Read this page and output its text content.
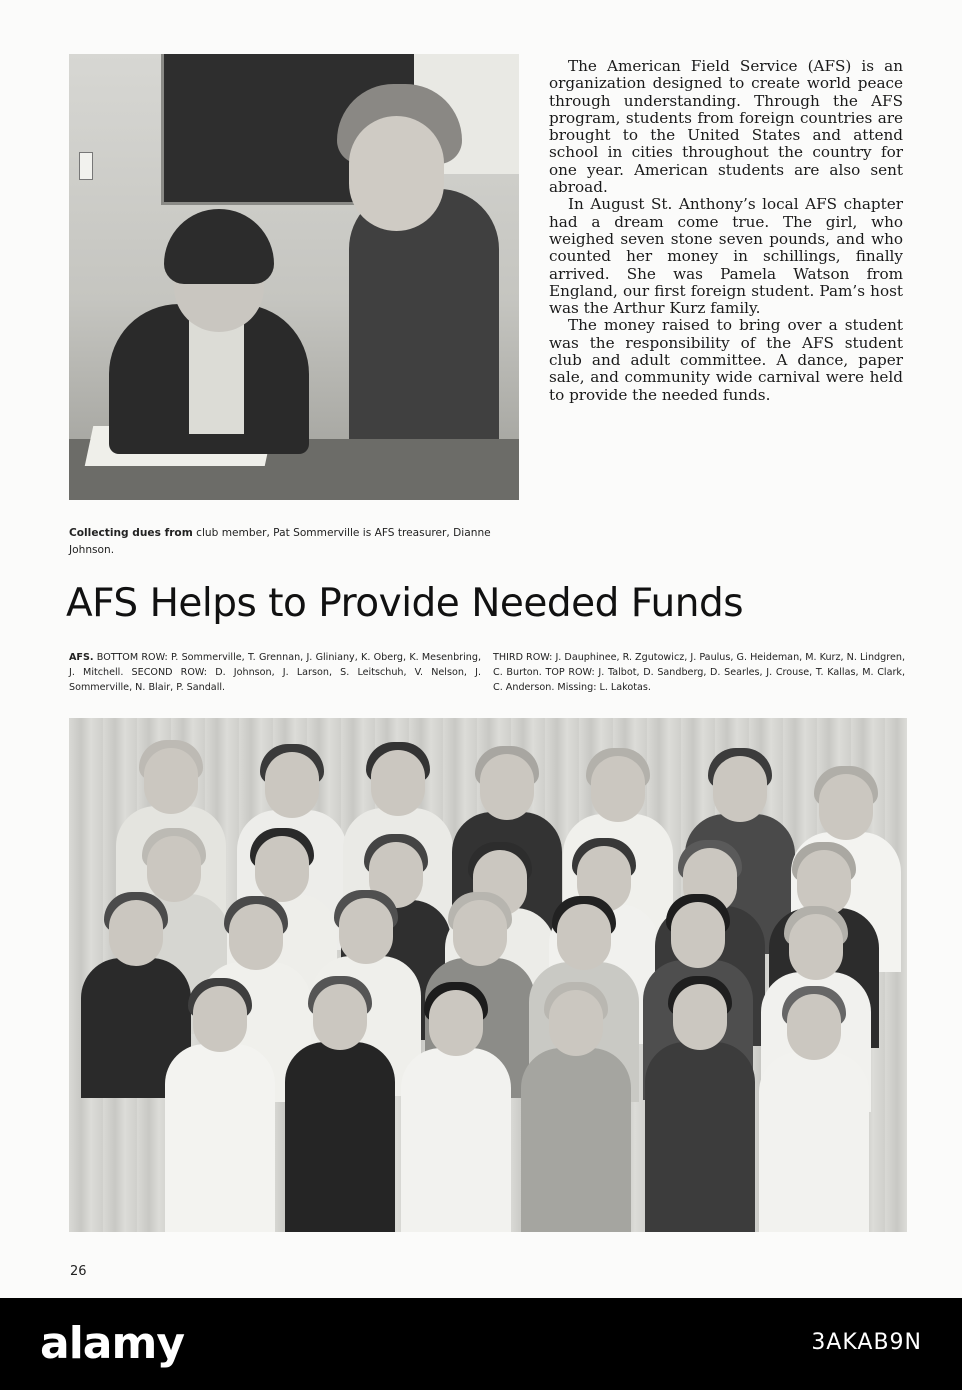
The American Field Service (AFS) is an organization designed to create world peace through understanding. Through the AFS program, students from foreign countries are brought to the United States and attend school in cities throughout the country for one year. American students are also sent abroad.

In August St. Anthony’s local AFS chapter had a dream come true. The girl, who weighed seven stone seven pounds, and who counted her money in schillings, finally arrived. She was Pamela Watson from England, our first foreign student. Pam’s host was the Arthur Kurz family.

The money raised to bring over a student was the responsibility of the AFS student club and adult committee. A dance, paper sale, and community wide carnival were held to provide the needed funds.

Collecting dues from club member, Pat Sommerville is AFS treasurer, Dianne Johnson.
AFS Helps to Provide Needed Funds
AFS. BOTTOM ROW: P. Sommerville, T. Grennan, J. Gliniany, K. Oberg, K. Mesenbring, J. Mitchell. SECOND ROW: D. Johnson, J. Larson, S. Leitschuh, V. Nelson, J. Sommerville, N. Blair, P. Sandall.
THIRD ROW: J. Dauphinee, R. Zgutowicz, J. Paulus, G. Heideman, M. Kurz, N. Lindgren, C. Burton. TOP ROW: J. Talbot, D. Sandberg, D. Searles, J. Crouse, T. Kallas, M. Clark, C. Anderson. Missing: L. Lakotas.
26
alamy	3AKAB9N
